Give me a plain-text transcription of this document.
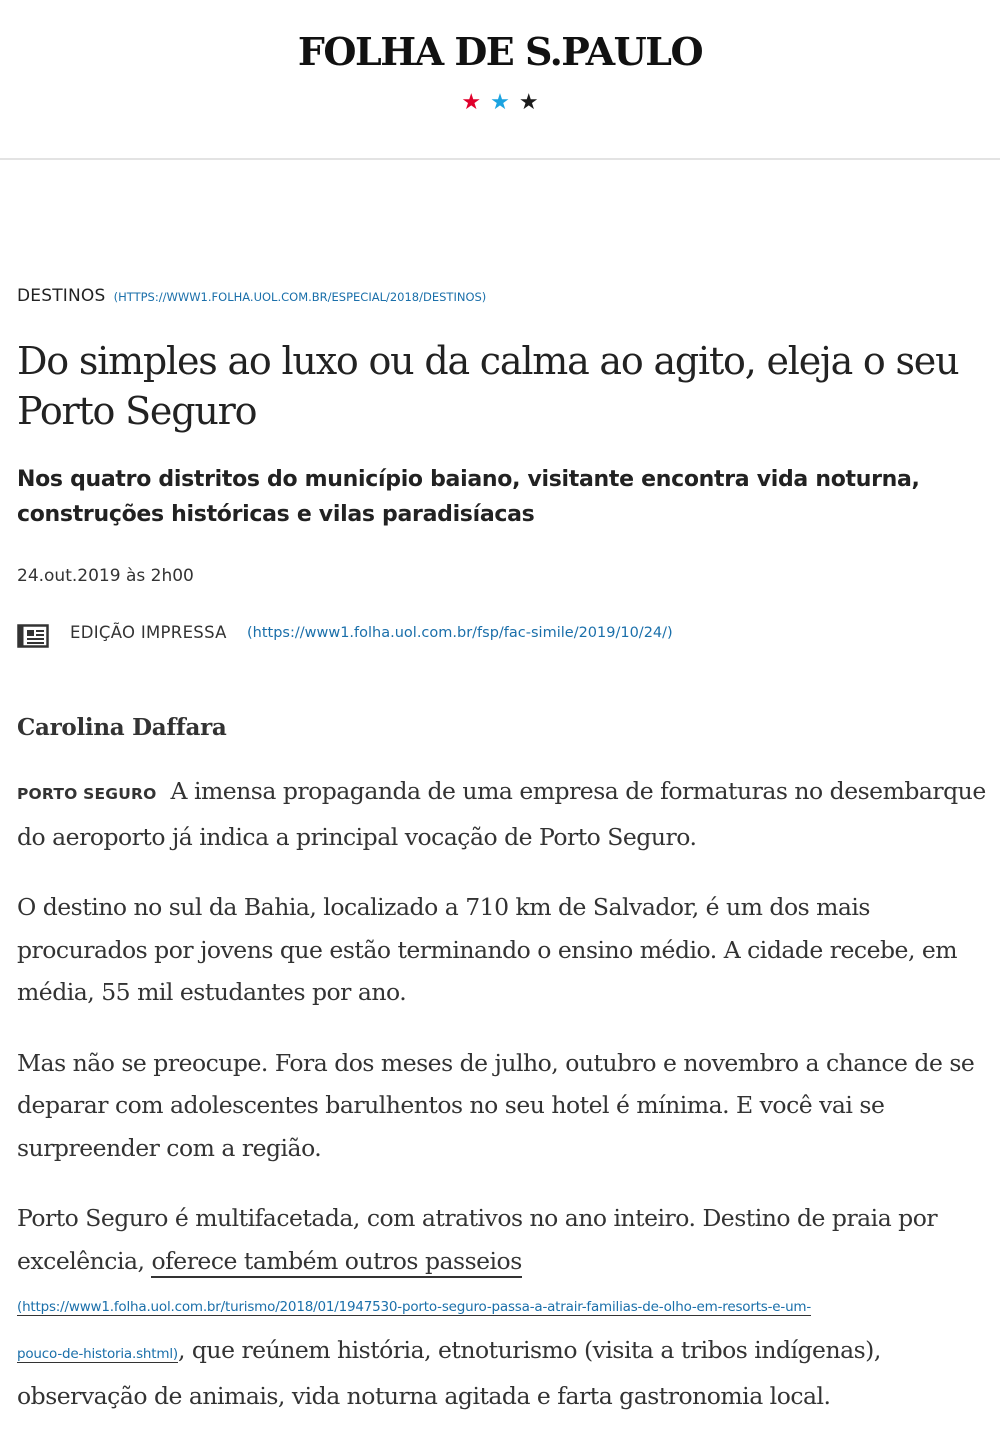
FOLHA DE S.PAULO
★ ★ ★
DESTINOS (HTTPS://WWW1.FOLHA.UOL.COM.BR/ESPECIAL/2018/DESTINOS)
Do simples ao luxo ou da calma ao agito, eleja o seu Porto Seguro
Nos quatro distritos do município baiano, visitante encontra vida noturna, construções históricas e vilas paradisíacas
24.out.2019 às 2h00
EDIÇÃO IMPRESSA (https://www1.folha.uol.com.br/fsp/fac-simile/2019/10/24/)
Carolina Daffara

PORTO SEGURO A imensa propaganda de uma empresa de formaturas no desembarque do aeroporto já indica a principal vocação de Porto Seguro.

O destino no sul da Bahia, localizado a 710 km de Salvador, é um dos mais procurados por jovens que estão terminando o ensino médio. A cidade recebe, em média, 55 mil estudantes por ano.

Mas não se preocupe. Fora dos meses de julho, outubro e novembro a chance de se deparar com adolescentes barulhentos no seu hotel é mínima. E você vai se surpreender com a região.

Porto Seguro é multifacetada, com atrativos no ano inteiro. Destino de praia por excelência, oferece também outros passeios
(https://www1.folha.uol.com.br/turismo/2018/01/1947530-porto-seguro-passa-a-atrair-familias-de-olho-em-resorts-e-um-
pouco-de-historia.shtml), que reúnem história, etnoturismo (visita a tribos indígenas), observação de animais, vida noturna agitada e farta gastronomia local.
